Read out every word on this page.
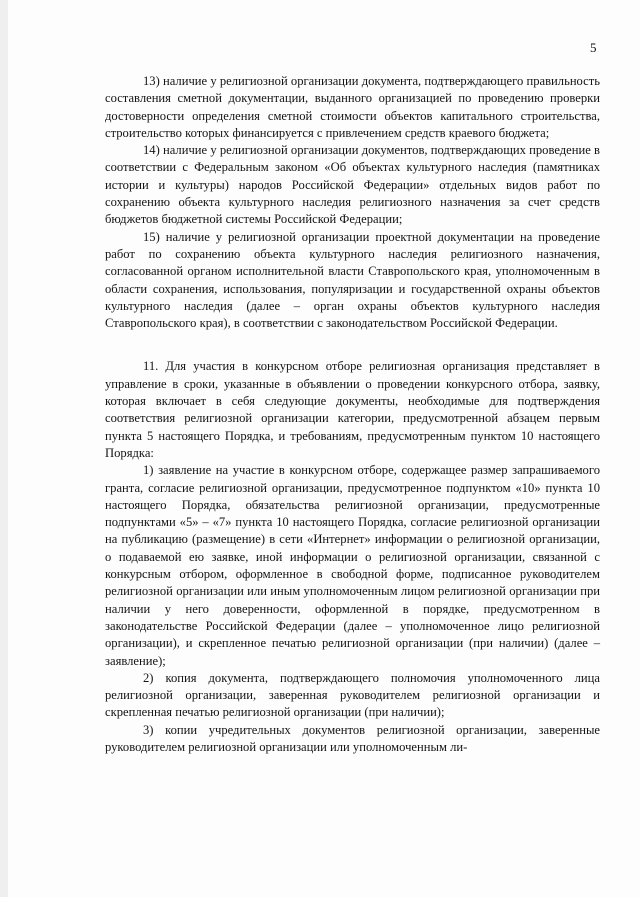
5

13) наличие у религиозной организации документа, подтверждающего правильность составления сметной документации, выданного организацией по проведению проверки достоверности определения сметной стоимости объектов капитального строительства, строительство которых финансируется с привлечением средств краевого бюджета;

14) наличие у религиозной организации документов, подтверждающих проведение в соответствии с Федеральным законом «Об объектах культурного наследия (памятниках истории и культуры) народов Российской Федерации» отдельных видов работ по сохранению объекта культурного наследия религиозного назначения за счет средств бюджетов бюджетной системы Российской Федерации;

15) наличие у религиозной организации проектной документации на проведение работ по сохранению объекта культурного наследия религиозного назначения, согласованной органом исполнительной власти Ставропольского края, уполномоченным в области сохранения, использования, популяризации и государственной охраны объектов культурного наследия (далее – орган охраны объектов культурного наследия Ставропольского края), в соответствии с законодательством Российской Федерации.

11. Для участия в конкурсном отборе религиозная организация представляет в управление в сроки, указанные в объявлении о проведении конкурсного отбора, заявку, которая включает в себя следующие документы, необходимые для подтверждения соответствия религиозной организации категории, предусмотренной абзацем первым пункта 5 настоящего Порядка, и требованиям, предусмотренным пунктом 10 настоящего Порядка:

1) заявление на участие в конкурсном отборе, содержащее размер запрашиваемого гранта, согласие религиозной организации, предусмотренное подпунктом «10» пункта 10 настоящего Порядка, обязательства религиозной организации, предусмотренные подпунктами «5» – «7» пункта 10 настоящего Порядка, согласие религиозной организации на публикацию (размещение) в сети «Интернет» информации о религиозной организации, о подаваемой ею заявке, иной информации о религиозной организации, связанной с конкурсным отбором, оформленное в свободной форме, подписанное руководителем религиозной организации или иным уполномоченным лицом религиозной организации при наличии у него доверенности, оформленной в порядке, предусмотренном в законодательстве Российской Федерации (далее – уполномоченное лицо религиозной организации), и скрепленное печатью религиозной организации (при наличии) (далее – заявление);

2) копия документа, подтверждающего полномочия уполномоченного лица религиозной организации, заверенная руководителем религиозной организации и скрепленная печатью религиозной организации (при наличии);

3) копии учредительных документов религиозной организации, заверенные руководителем религиозной организации или уполномоченным ли-
